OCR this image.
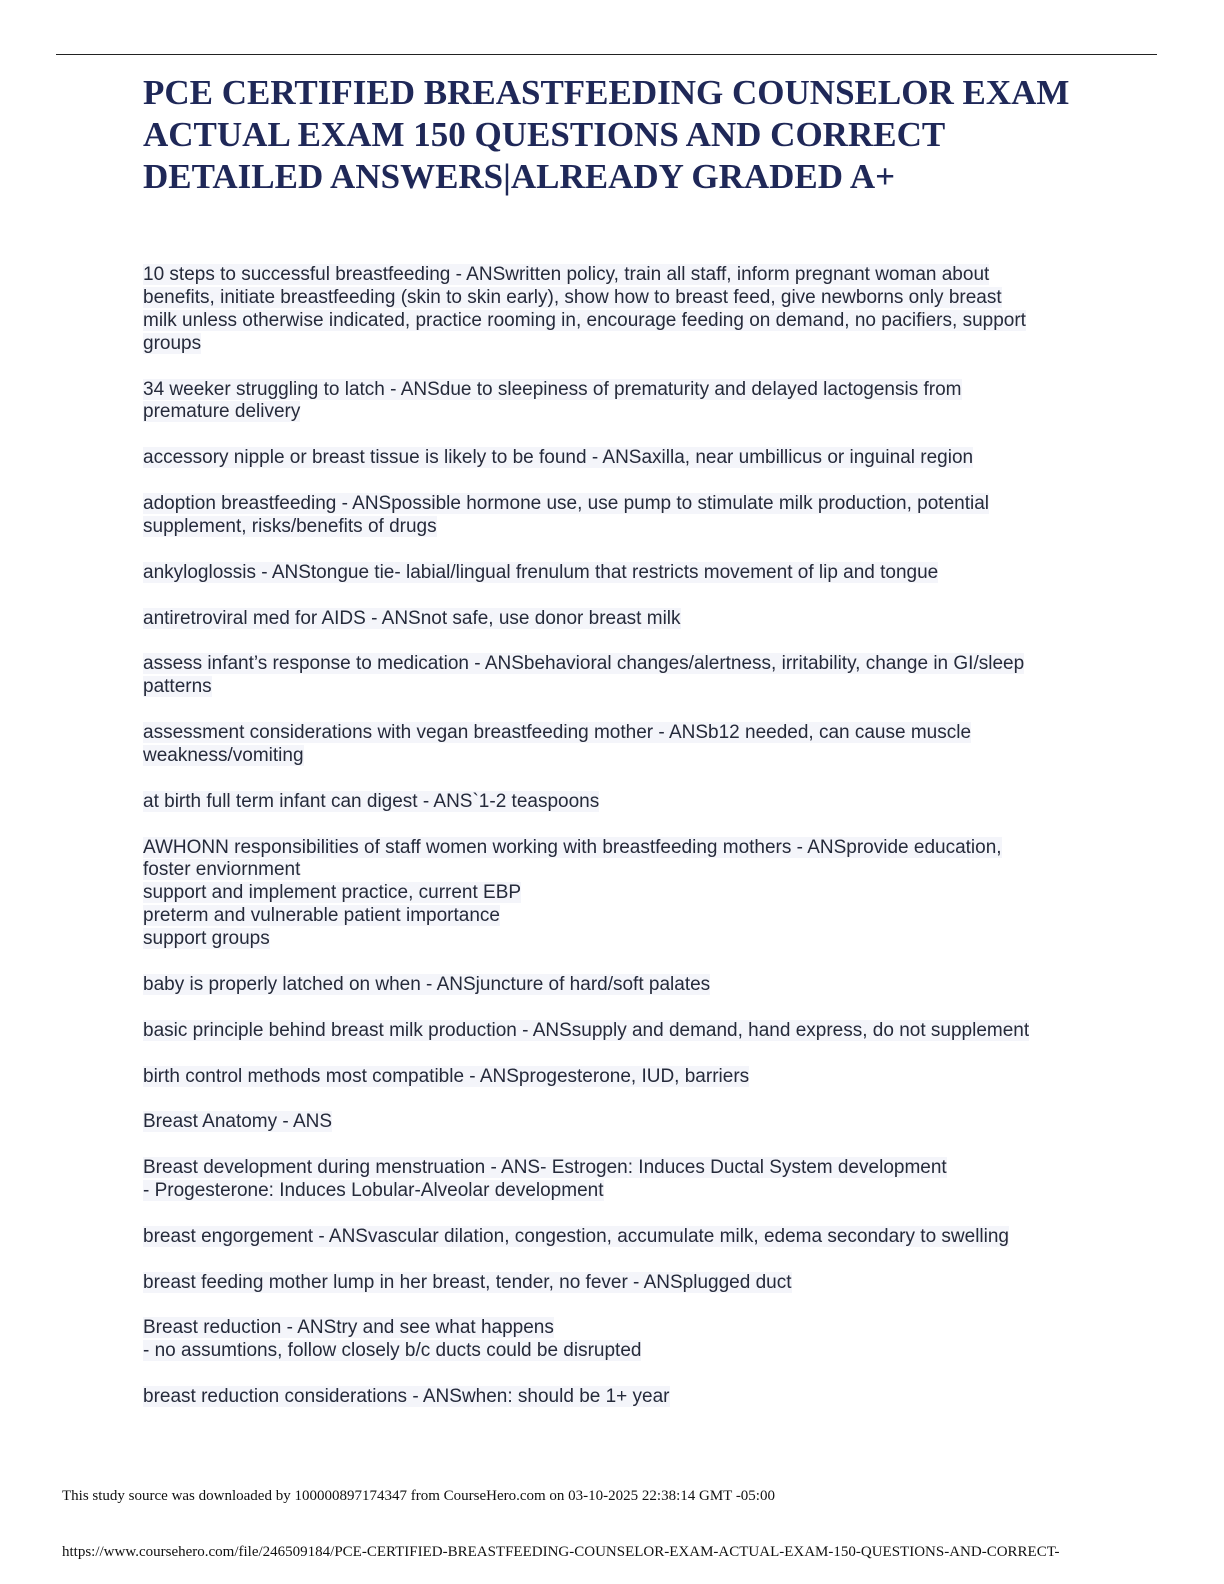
PCE CERTIFIED BREASTFEEDING COUNSELOR EXAM ACTUAL EXAM 150 QUESTIONS AND CORRECT DETAILED ANSWERS|ALREADY GRADED A+
10 steps to successful breastfeeding - ANSwritten policy, train all staff, inform pregnant woman about
benefits, initiate breastfeeding (skin to skin early), show how to breast feed, give newborns only breast
milk unless otherwise indicated, practice rooming in, encourage feeding on demand, no pacifiers, support
groups
34 weeker struggling to latch - ANSdue to sleepiness of prematurity and delayed lactogensis from
premature delivery
accessory nipple or breast tissue is likely to be found - ANSaxilla, near umbillicus or inguinal region
adoption breastfeeding - ANSpossible hormone use, use pump to stimulate milk production, potential
supplement, risks/benefits of drugs
ankyloglossis - ANStongue tie- labial/lingual frenulum that restricts movement of lip and tongue
antiretroviral med for AIDS - ANSnot safe, use donor breast milk
assess infant’s response to medication - ANSbehavioral changes/alertness, irritability, change in GI/sleep
patterns
assessment considerations with vegan breastfeeding mother - ANSb12 needed, can cause muscle
weakness/vomiting
at birth full term infant can digest - ANS`1-2 teaspoons
AWHONN responsibilities of staff women working with breastfeeding mothers - ANSprovide education,
foster enviornment
support and implement practice, current EBP
preterm and vulnerable patient importance
support groups
baby is properly latched on when - ANSjuncture of hard/soft palates
basic principle behind breast milk production - ANSsupply and demand, hand express, do not supplement
birth control methods most compatible - ANSprogesterone, IUD, barriers
Breast Anatomy - ANS
Breast development during menstruation - ANS- Estrogen: Induces Ductal System development
- Progesterone: Induces Lobular-Alveolar development
breast engorgement - ANSvascular dilation, congestion, accumulate milk, edema secondary to swelling
breast feeding mother lump in her breast, tender, no fever - ANSplugged duct
Breast reduction - ANStry and see what happens
- no assumtions, follow closely b/c ducts could be disrupted
breast reduction considerations - ANSwhen: should be 1+ year
This study source was downloaded by 100000897174347 from CourseHero.com on 03-10-2025 22:38:14 GMT -05:00
https://www.coursehero.com/file/246509184/PCE-CERTIFIED-BREASTFEEDING-COUNSELOR-EXAM-ACTUAL-EXAM-150-QUESTIONS-AND-CORRECT-
